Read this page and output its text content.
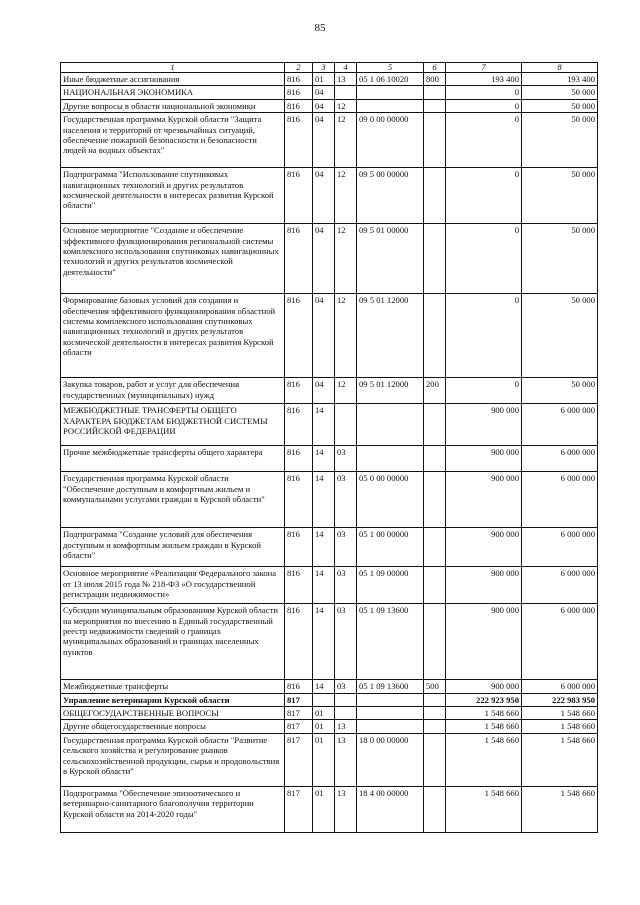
85
1	2	3	4	5	6	7	8
Иные бюджетные ассигнования	816	01	13	05 1 06 10020	800	193 400	193 400
НАЦИОНАЛЬНАЯ ЭКОНОМИКА	816	04				0	50 000
Другие вопросы в области национальной экономики	816	04	12			0	50 000
Государственная программа Курской области "Защита населения и территорий от чрезвычайных ситуаций, обеспечение пожарной безопасности и безопасности людей на водных объектах"	816	04	12	09 0 00 00000		0	50 000
Подпрограмма "Использование спутниковых навигационных технологий и других результатов космической деятельности в интересах развития Курской области"	816	04	12	09 5 00 00000		0	50 000
Основное мероприятие "Создание и обеспечение эффективного функционирования региональной системы комплексного использования спутниковых навигационных технологий и других результатов космической деятельности"	816	04	12	09 5 01 00000		0	50 000
Формирование базовых условий для создания и обеспечения эффективного функционирования областной системы комплексного использования спутниковых навигационных технологий и других результатов космической деятельности в интересах развития Курской области	816	04	12	09 5 01 12000		0	50 000
Закупка товаров, работ и услуг для обеспечения государственных (муниципальных) нужд	816	04	12	09 5 01 12000	200	0	50 000
МЕЖБЮДЖЕТНЫЕ ТРАНСФЕРТЫ ОБЩЕГО ХАРАКТЕРА БЮДЖЕТАМ БЮДЖЕТНОЙ СИСТЕМЫ РОССИЙСКОЙ ФЕДЕРАЦИИ	816	14				900 000	6 000 000
Прочие межбюджетные трансферты общего характера	816	14	03			900 000	6 000 000
Государственная программа Курской области "Обеспечение доступным и комфортным жильем и коммунальными услугами граждан в Курской области"	816	14	03	05 0 00 00000		900 000	6 000 000
Подпрограмма "Создание условий для обеспечения доступным и комфортным жильем граждан в Курской области"	816	14	03	05 1 00 00000		900 000	6 000 000
Основное мероприятие «Реализация Федерального закона от 13 июля 2015 года № 218-ФЗ «О государственной регистрации недвижимости»	816	14	03	05 1 09 00000		900 000	6 000 000
Субсидии муниципальным образованиям Курской области на мероприятия по внесению в Единый государственный реестр недвижимости сведений о границах муниципальных образований и границах населенных пунктов	816	14	03	05 1 09 13600		900 000	6 000 000
Межбюджетные трансферты	816	14	03	05 1 09 13600	500	900 000	6 000 000
Управление ветеринарии Курской области	817					222 923 950	222 983 950
ОБЩЕГОСУДАРСТВЕННЫЕ ВОПРОСЫ	817	01				1 548 660	1 548 660
Другие общегосударственные вопросы	817	01	13			1 548 660	1 548 660
Государственная программа Курской области "Развитие сельского хозяйства и регулирование рынков сельскохозяйственной продукции, сырья и продовольствия в Курской области"	817	01	13	18 0 00 00000		1 548 660	1 548 660
Подпрограмма "Обеспечение эпизоотического и ветеринарно-санитарного благополучия территории Курской области на 2014-2020 годы"	817	01	13	18 4 00 00000		1 548 660	1 548 660
